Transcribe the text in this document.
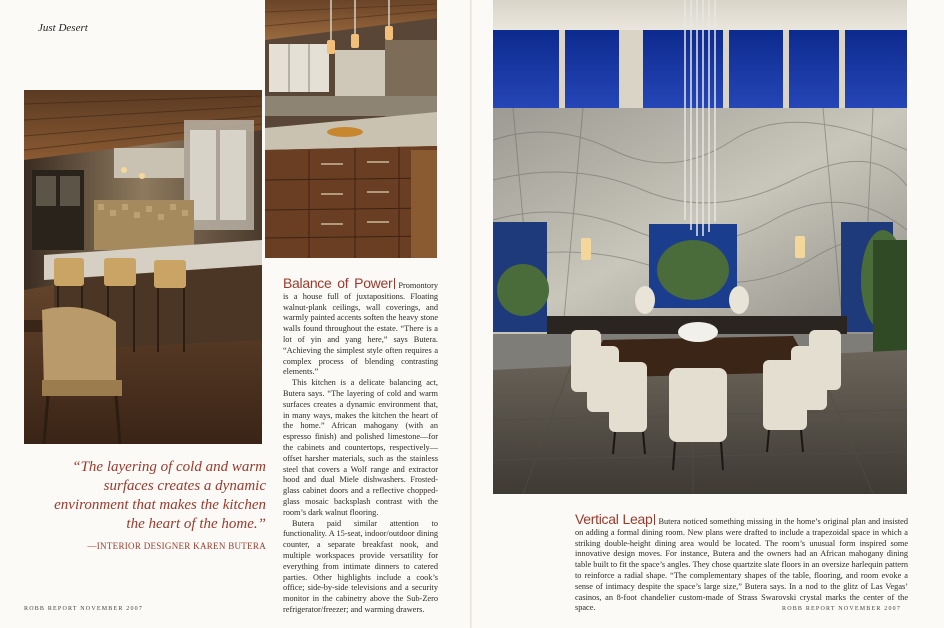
Just Desert
“The layering of cold and warm surfaces creates a dynamic environment that makes the kitchen the heart of the home.”
—INTERIOR DESIGNER KAREN BUTERA

Balance of Power Promontory is a house full of juxtapositions. Floating walnut-plank ceilings, wall coverings, and warmly painted accents soften the heavy stone walls found throughout the estate. “There is a lot of yin and yang here,” says Butera. “Achieving the simplest style often requires a complex process of blending contrasting elements.”

This kitchen is a delicate balancing act, Butera says. “The layering of cold and warm surfaces creates a dynamic environment that, in many ways, makes the kitchen the heart of the home.” African mahogany (with an espresso finish) and polished limestone—for the cabinets and countertops, respectively—offset harsher materials, such as the stainless steel that covers a Wolf range and extractor hood and dual Miele dishwashers. Frosted-glass cabinet doors and a reflective chopped-glass mosaic backsplash contrast with the room’s dark walnut flooring.

Butera paid similar attention to functionality. A 15-seat, indoor/outdoor dining counter, a separate breakfast nook, and multiple workspaces provide versatility for everything from intimate dinners to catered parties. Other highlights include a cook’s office; side-by-side televisions and a security monitor in the cabinetry above the Sub-Zero refrigerator/freezer; and warming drawers.

ROBB REPORT NOVEMBER 2007

Vertical Leap Butera noticed something missing in the home’s original plan and insisted on adding a formal dining room. New plans were drafted to include a trapezoidal space in which a striking double-height dining area would be located. The room’s unusual form inspired some innovative design moves. For instance, Butera and the owners had an African mahogany dining table built to fit the space’s angles. They chose quartzite slate floors in an oversize harlequin pattern to reinforce a radial shape. “The complementary shapes of the table, flooring, and room evoke a sense of intimacy despite the space’s large size,” Butera says. In a nod to the glitz of Las Vegas’ casinos, an 8-foot chandelier custom-made of Strass Swarovski crystal marks the center of the space.	ROBB REPORT NOVEMBER 2007
